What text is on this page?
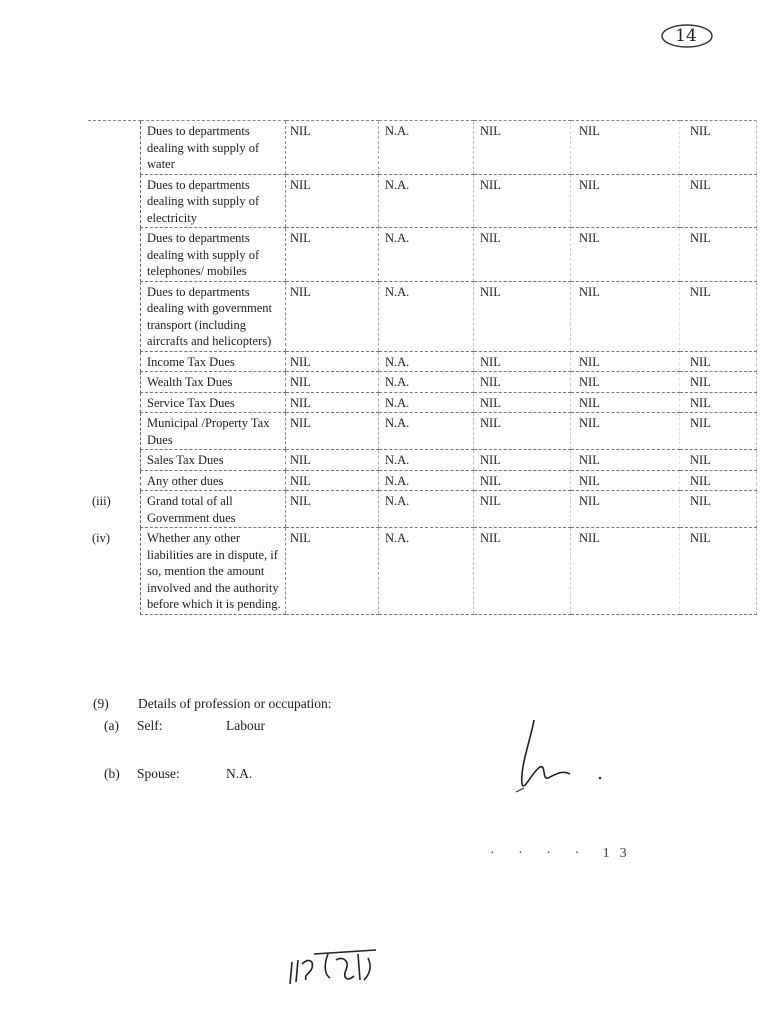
14
	Dues to departments dealing with supply of water	NIL	N.A.	NIL	NIL	NIL
	Dues to departments dealing with supply of electricity	NIL	N.A.	NIL	NIL	NIL
	Dues to departments dealing with supply of telephones/ mobiles	NIL	N.A.	NIL	NIL	NIL
	Dues to departments dealing with government transport (including aircrafts and helicopters)	NIL	N.A.	NIL	NIL	NIL
	Income Tax Dues	NIL	N.A.	NIL	NIL	NIL
	Wealth Tax Dues	NIL	N.A.	NIL	NIL	NIL
	Service Tax Dues	NIL	N.A.	NIL	NIL	NIL
	Municipal /Property Tax Dues	NIL	N.A.	NIL	NIL	NIL
	Sales Tax Dues	NIL	N.A.	NIL	NIL	NIL
	Any other dues	NIL	N.A.	NIL	NIL	NIL
(iii)	Grand total of all Government dues	NIL	N.A.	NIL	NIL	NIL
(iv)	Whether any other liabilities are in dispute, if so, mention the amount involved and the authority before which it is pending.	NIL	N.A.	NIL	NIL	NIL
(9) Details of profession or occupation:
(a) Self:	Labour
(b) Spouse:	N.A.
· · · · 13
